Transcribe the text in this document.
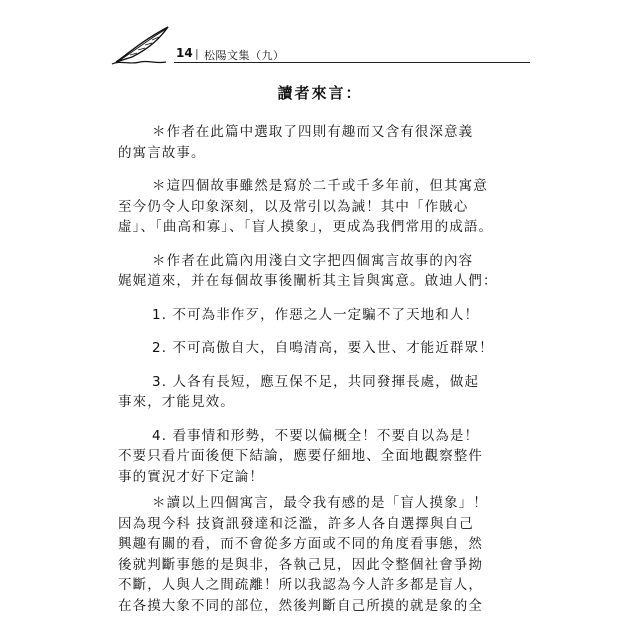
14 | 松陽文集（九）
讀者來言：
＊作者在此篇中選取了四則有趣而又含有很深意義
的寓言故事。
＊這四個故事雖然是寫於二千或千多年前，但其寓意
至今仍令人印象深刻，以及常引以為誡！其中「作賊心
虛」、「曲高和寡」、「盲人摸象」，更成為我們常用的成語。
＊作者在此篇內用淺白文字把四個寓言故事的內容
娓娓道來，并在每個故事後闡析其主旨與寓意。啟迪人們：
1. 不可為非作歹，作惡之人一定騙不了天地和人！
2. 不可高傲自大，自鳴清高，要入世、才能近群眾！
3. 人各有長短，應互保不足，共同發揮長處，做起
事來，才能見效。
4. 看事情和形勢，不要以偏概全！不要自以為是！
不要只看片面後便下結論，應要仔細地、全面地觀察整件
事的實況才好下定論！
＊讀以上四個寓言，最令我有感的是「盲人摸象」！
因為現今科 技資訊發達和泛濫，許多人各自選擇與自己
興趣有關的看，而不會從多方面或不同的角度看事態，然
後就判斷事態的是與非，各執己見，因此令整個社會爭拗
不斷，人與人之間疏離！所以我認為今人許多都是盲人，
在各摸大象不同的部位，然後判斷自己所摸的就是象的全
